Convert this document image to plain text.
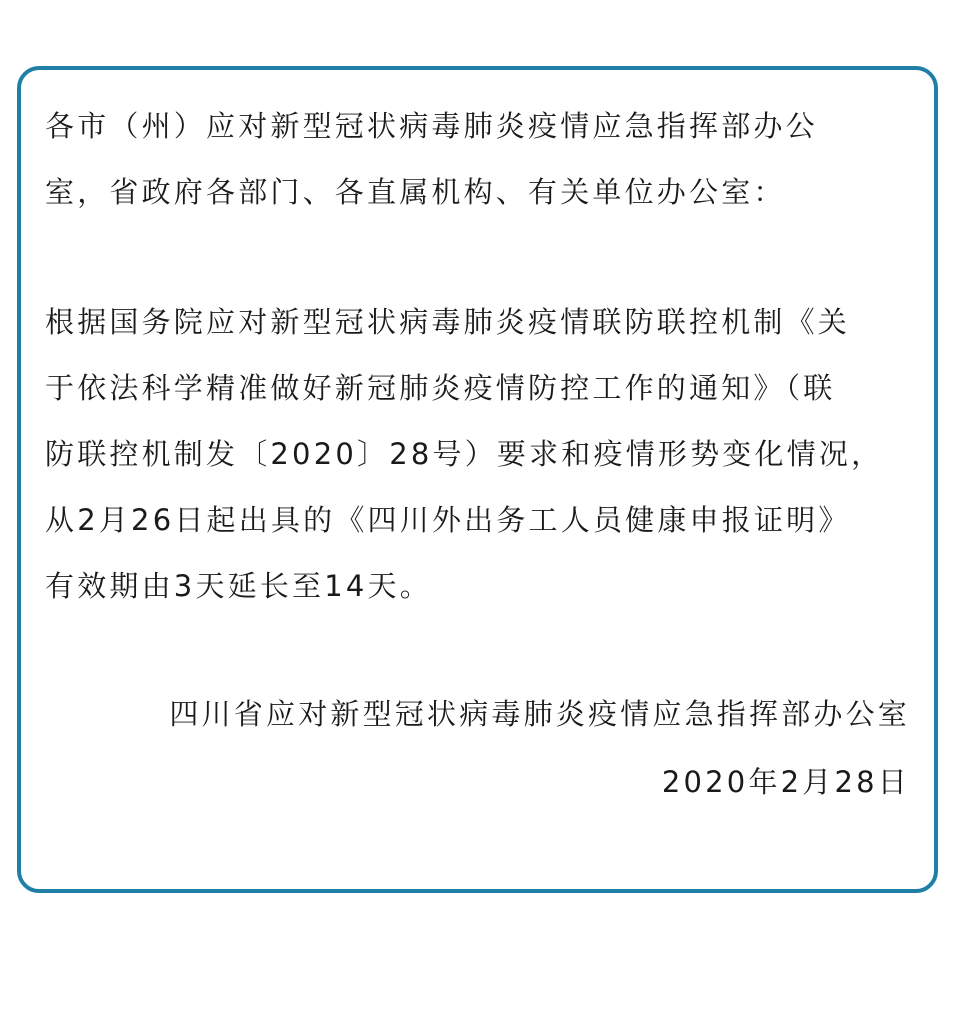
各市（州）应对新型冠状病毒肺炎疫情应急指挥部办公
室，省政府各部门、各直属机构、有关单位办公室：
根据国务院应对新型冠状病毒肺炎疫情联防联控机制《关
于依法科学精准做好新冠肺炎疫情防控工作的通知》（联
防联控机制发〔2020〕28号）要求和疫情形势变化情况，
从2月26日起出具的《四川外出务工人员健康申报证明》
有效期由3天延长至14天。
四川省应对新型冠状病毒肺炎疫情应急指挥部办公室
2020年2月28日
